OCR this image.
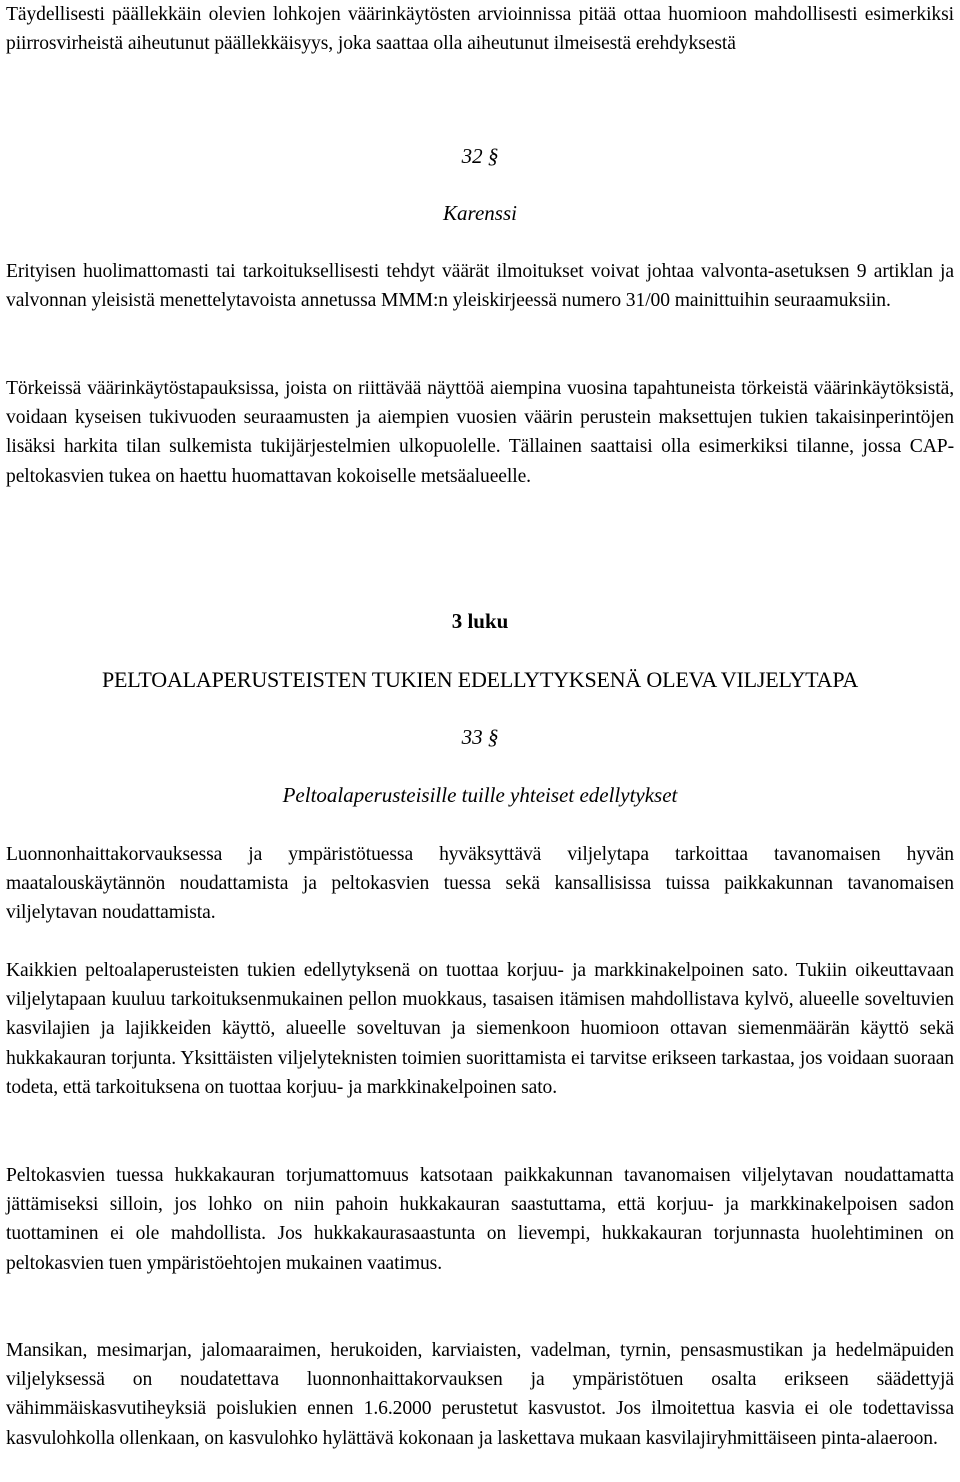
Täydellisesti päällekkäin olevien lohkojen väärinkäytösten arvioinnissa pitää ottaa huomioon mahdollisesti esimerkiksi piirrosvirheistä aiheutunut päällekkäisyys, joka saattaa olla aiheutunut ilmeisestä erehdyksestä

32 §

Karenssi

Erityisen huolimattomasti tai tarkoituksellisesti tehdyt väärät ilmoitukset voivat johtaa valvonta-asetuksen 9 artiklan ja valvonnan yleisistä menettelytavoista annetussa MMM:n yleiskirjeessä numero 31/00 mainittuihin seuraamuksiin.

Törkeissä väärinkäytöstapauksissa, joista on riittävää näyttöä aiempina vuosina tapahtuneista törkeistä väärinkäytöksistä, voidaan kyseisen tukivuoden seuraamusten ja aiempien vuosien väärin perustein maksettujen tukien takaisinperintöjen lisäksi harkita tilan sulkemista tukijärjestelmien ulkopuolelle. Tällainen saattaisi olla esimerkiksi tilanne, jossa CAP-peltokasvien tukea on haettu huomattavan kokoiselle metsäalueelle.

3 luku

PELTOALAPERUSTEISTEN TUKIEN EDELLYTYKSENÄ OLEVA VILJELYTAPA

33 §

Peltoalaperusteisille tuille yhteiset edellytykset

Luonnonhaittakorvauksessa ja ympäristötuessa hyväksyttävä viljelytapa tarkoittaa tavanomaisen hyvän maatalouskäytännön noudattamista ja peltokasvien tuessa sekä kansallisissa tuissa paikkakunnan tavanomaisen viljelytavan noudattamista.

Kaikkien peltoalaperusteisten tukien edellytyksenä on tuottaa korjuu- ja markkinakelpoinen sato. Tukiin oikeuttavaan viljelytapaan kuuluu tarkoituksenmukainen pellon muokkaus, tasaisen itämisen mahdollistava kylvö, alueelle soveltuvien kasvilajien ja lajikkeiden käyttö, alueelle soveltuvan ja siemenkoon huomioon ottavan siemenmäärän käyttö sekä hukkakauran torjunta. Yksittäisten viljelyteknisten toimien suorittamista ei tarvitse erikseen tarkastaa, jos voidaan suoraan todeta, että tarkoituksena on tuottaa korjuu- ja markkinakelpoinen sato.

Peltokasvien tuessa hukkakauran torjumattomuus katsotaan paikkakunnan tavanomaisen viljelytavan noudattamatta jättämiseksi silloin, jos lohko on niin pahoin hukkakauran saastuttama, että korjuu- ja markkinakelpoisen sadon tuottaminen ei ole mahdollista. Jos hukkakaurasaastunta on lievempi, hukkakauran torjunnasta huolehtiminen on peltokasvien tuen ympäristöehtojen mukainen vaatimus.

Mansikan, mesimarjan, jalomaaraimen, herukoiden, karviaisten, vadelman, tyrnin, pensasmustikan ja hedelmäpuiden viljelyksessä on noudatettava luonnonhaittakorvauksen ja ympäristötuen osalta erikseen säädettyjä vähimmäiskasvutiheyksiä poislukien ennen 1.6.2000 perustetut kasvustot. Jos ilmoitettua kasvia ei ole todettavissa kasvulohkolla ollenkaan, on kasvulohko hylättävä kokonaan ja laskettava mukaan kasvilajiryhmittäiseen pinta-alaeroon.
